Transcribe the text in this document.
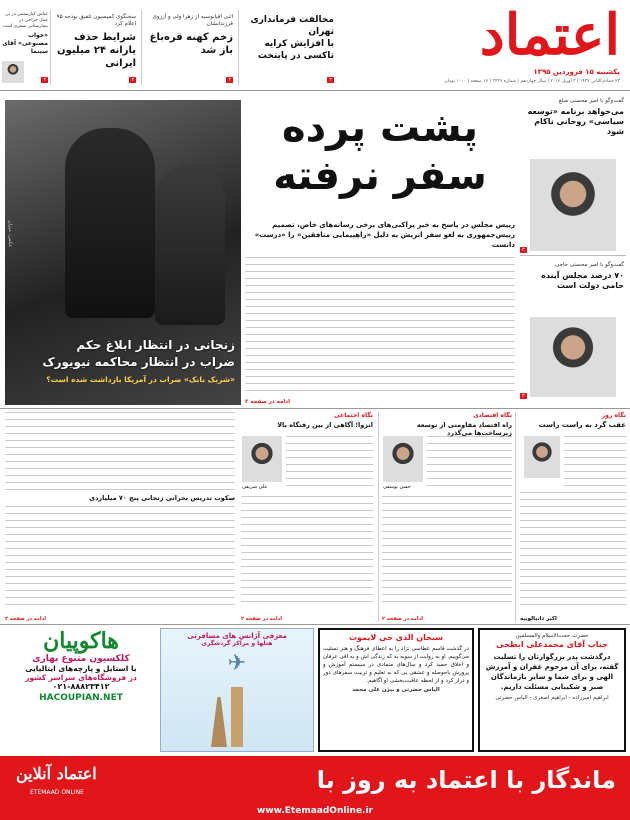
اعتماد
یکشنبه ۱۵ فروردین ۱۳۹۵
۲۳ جمادی‌الثانی ۱۴۳۷ | ۳ آوریل ۲۰۱۶ | سال چهاردهم | شماره ۳۴۳۷ | ۱۶ صفحه | ۱۰۰۰ تومان
مخالفت فرمانداری تهران
با افزایش کرایه تاکسی در پایتخت
۲
اثنی اقیانوسیه از زهرا ولی و آرزوی فرزندانشان
زخم کهنه قره‌باغ باز شد
۲
سخنگوی کمیسیون تلفیق بودجه ۹۵ اعلام کرد
شرایط حذف یارانه ۲۴ میلیون ایرانی
۲
عباس کیارستمی در پی عمل جراحی در بیمارستانی بستری است
«خواب مصنوعی» آقای سینما
۲
گفت‌وگو با امیر محسنی مبلغ
می‌خواهد برنامه «توسعه سیاسی» روحانی ناکام شود
۳
گفت‌وگو با امیر محسنی حاجی
۷۰ درصد مجلس آینده حامی دولت است
۳
پشت پرده
سفر نرفته
رییس مجلس در پاسخ به خبر پراکنی‌های برخی رسانه‌های خاص، تصمیم
رییس‌جمهوری به لغو سفر اتریش به دلیل «راهپیمایی منافقین» را «درست» دانست
ادامه در صفحه ۲
زنجانی در انتظار ابلاغ حکم
ضراب در انتظار محاکمه نیویورک
«شریک بابک» ضراب در آمریکا بازداشت شده است؟
عکس: میزان
نگاه روز
عقب گرد به راست راست
اکبر دانیالوبیه
نگاه اقتصادی
راه اقتصاد مقاومتی از توسعه زیرساخت‌ها می‌گذرد
حسن یوسفی
ادامه در صفحه ۲
نگاه اجتماعی
انزوا؛ آگاهی از بین رفتگاه بالا
علی شریفی
ادامه در صفحه ۲
سکوت تدریس بحرانی زنجانی پنج ۷۰ میلیاردی
ادامه در صفحه ۲
حضرت حجت‌الاسلام والمسلمین
جناب آقای محمدعلی ابطحی
درگذشت پدر بزرگوارتان را تسلیت گفته، برای آن مرحوم غفران و آمرزش الهی و برای شما و سایر بازماندگان صبر و شکیبایی مسئلت داریم.
ابراهیم امیرزاده - ابراهیم اصغری - الیاس حضرتی
سبحان الذی حی لایموت
در گذشت قاسم عطاسی نژاد را به اعطای فرهنگ و هنر تسلیت می‌گوییم. او به روایت از سویه به که زندگی اش و به اقی عرفان و اخلاق حمید کرد و سال‌های متمادی در سیستم آموزش و پرورش باحوصله و عشقی یی که به تعلیم و تربیت سفرهای دور و دراز کرد و از لحظه عاقبت‌بخشی او آگاهیم.
الیاس حضرتی و بیژن علی محمد
معرفی آژانس های مسافرتی
هتلها و مراکز گردشگری
✈
هاکوپیان
کلکسیون متنوع بهاری
با استایل و پارچه‌های ایتالیایی
در فروشگاه‌های سراسر کشور
۰۲۱-۸۸۸۲۳۴۱۲
HACOUPIAN.NET
ماندگار با اعتماد به روز با
اعتماد آنلاین
ETEMAAD ONLINE
www.EtemaadOnline.ir
